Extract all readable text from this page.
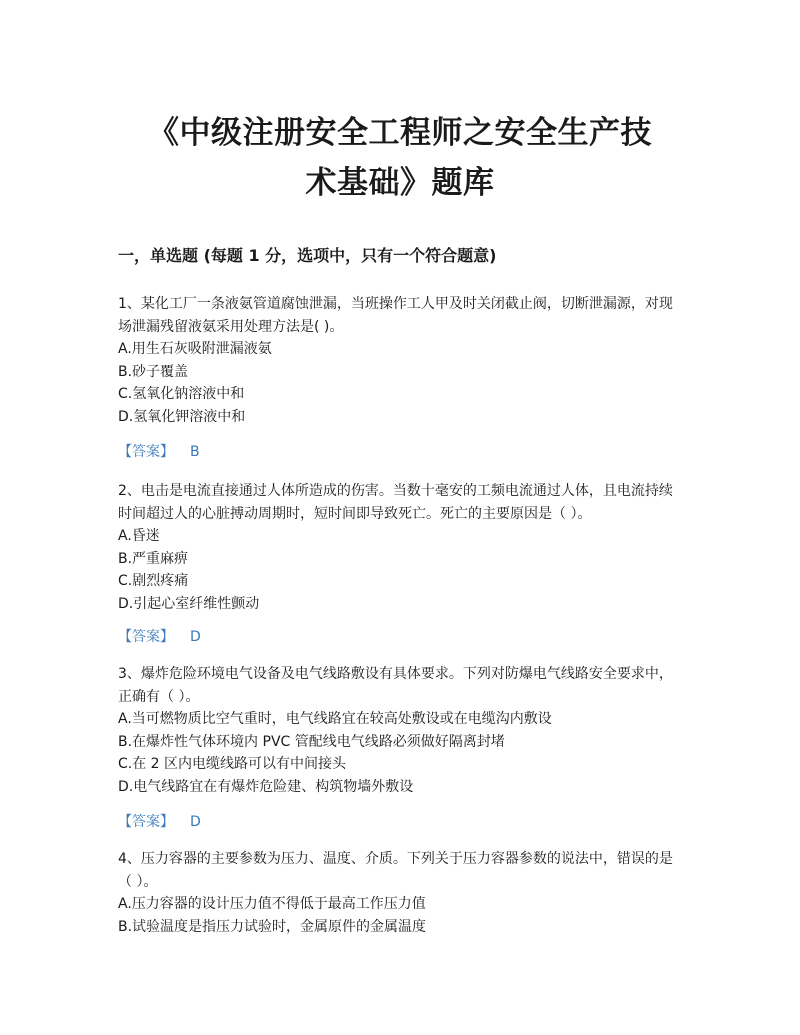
《中级注册安全工程师之安全生产技
术基础》题库
一，单选题 (每题 1 分，选项中，只有一个符合题意)
1、某化工厂一条液氨管道腐蚀泄漏，当班操作工人甲及时关闭截止阀，切断泄漏源，对现场泄漏残留液氨采用处理方法是( )。
A.用生石灰吸附泄漏液氨
B.砂子覆盖
C.氢氧化钠溶液中和
D.氢氧化钾溶液中和
【答案】 B
2、电击是电流直接通过人体所造成的伤害。当数十毫安的工频电流通过人体，且电流持续时间超过人的心脏搏动周期时，短时间即导致死亡。死亡的主要原因是（ ）。
A.昏迷
B.严重麻痹
C.剧烈疼痛
D.引起心室纤维性颤动
【答案】 D
3、爆炸危险环境电气设备及电气线路敷设有具体要求。下列对防爆电气线路安全要求中，正确有（ ）。
A.当可燃物质比空气重时，电气线路宜在较高处敷设或在电缆沟内敷设
B.在爆炸性气体环境内 PVC 管配线电气线路必须做好隔离封堵
C.在 2 区内电缆线路可以有中间接头
D.电气线路宜在有爆炸危险建、构筑物墙外敷设
【答案】 D
4、压力容器的主要参数为压力、温度、介质。下列关于压力容器参数的说法中，错误的是（ ）。
A.压力容器的设计压力值不得低于最高工作压力值
B.试验温度是指压力试验时，金属原件的金属温度
